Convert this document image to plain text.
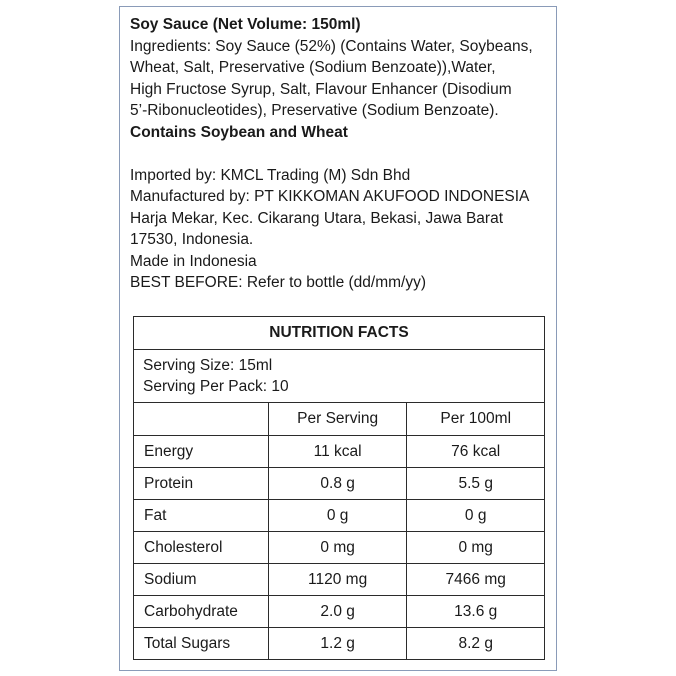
Soy Sauce (Net Volume: 150ml)
Ingredients: Soy Sauce (52%) (Contains Water, Soybeans,
Wheat, Salt, Preservative (Sodium Benzoate)),Water,
High Fructose Syrup, Salt, Flavour Enhancer (Disodium
5’-Ribonucleotides), Preservative (Sodium Benzoate).
Contains Soybean and Wheat
Imported by: KMCL Trading (M) Sdn Bhd
Manufactured by: PT KIKKOMAN AKUFOOD INDONESIA
Harja Mekar, Kec. Cikarang Utara, Bekasi, Jawa Barat
17530, Indonesia.
Made in Indonesia
BEST BEFORE: Refer to bottle (dd/mm/yy)
NUTRITION FACTS		

Serving Size: 15ml
Serving Per Pack: 10		

	Per Serving	Per 100ml
Energy	11 kcal	76 kcal
Protein	0.8 g	5.5 g
Fat	0 g	0 g
Cholesterol	0 mg	0 mg
Sodium	1120 mg	7466 mg
Carbohydrate	2.0 g	13.6 g
Total Sugars	1.2 g	8.2 g
